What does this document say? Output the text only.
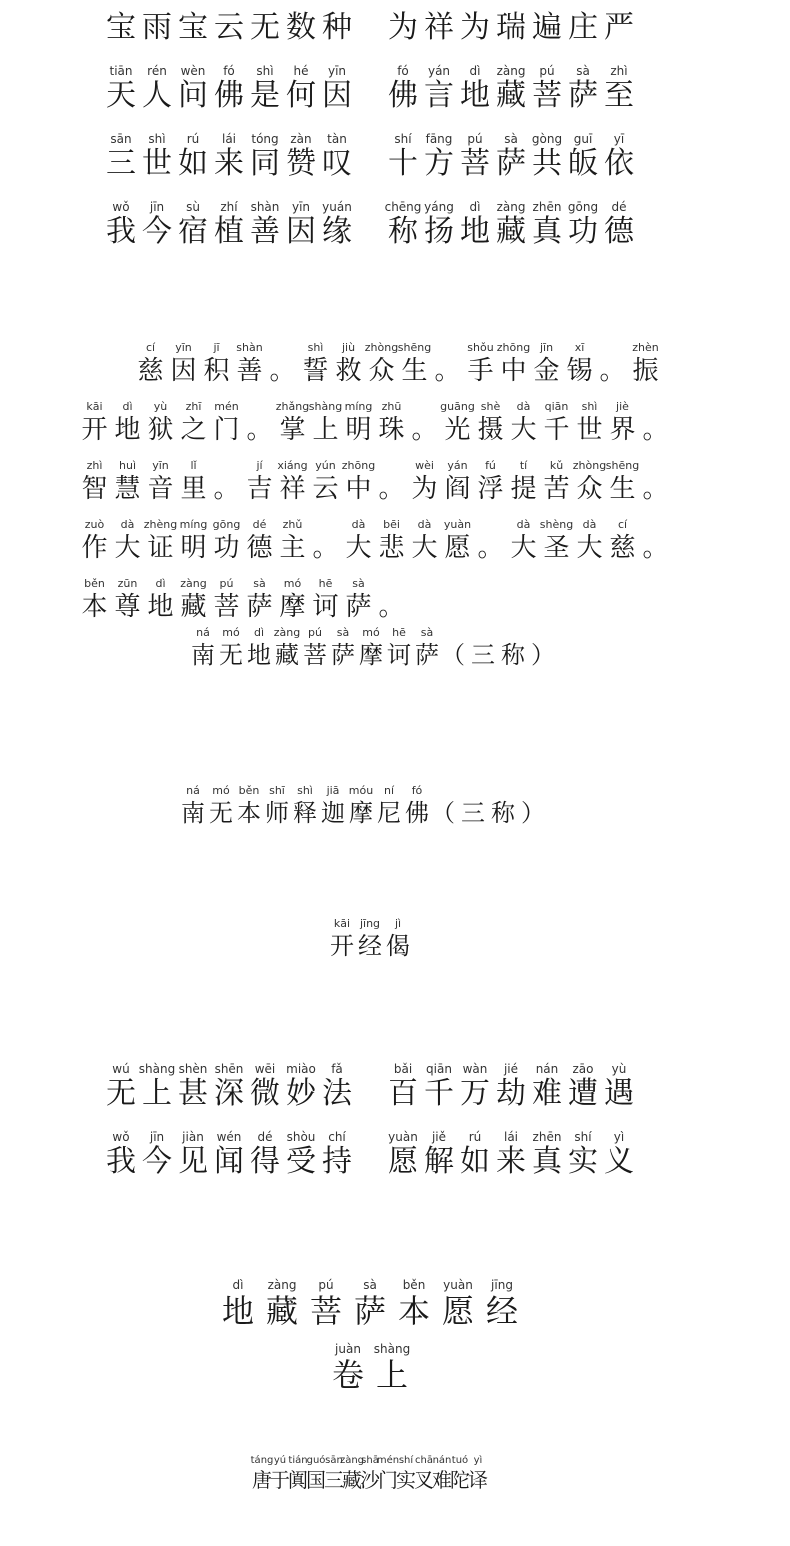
宝 雨 宝 云 无 数 种 为 祥 为 瑞 遍 庄 严
tiān
天
rén
人
wèn
问
fó
佛
shì
是
hé
何
yīn
因
fó
佛
yán
言
dì
地
zàng
藏
pú
菩
sà
萨
zhì
至
sān
三
shì
世
rú
如
lái
来
tóng
同
zàn
赞
tàn
叹
shí
十
fāng
方
pú
菩
sà
萨
gòng
共
guī
皈
yī
依
wǒ
我
jīn
今
sù
宿
zhí
植
shàn
善
yīn
因
yuán
缘
chēng
称
yáng
扬
dì
地
zàng
藏
zhēn
真
gōng
功
dé
德
cí
慈
yīn
因
jī
积
shàn
善 。
shì
誓
jiù
救
zhòng
众
shēng
生 。
shǒu
手
zhōng
中
jīn
金
xī
锡 。
zhèn
振
kāi
开
dì
地
yù
狱
zhī
之
mén
门 。
zhǎng
掌
shàng
上
míng
明
zhū
珠 。
guāng
光
shè
摄
dà
大
qiān
千
shì
世
jiè
界 。
zhì
智
huì
慧
yīn
音
lǐ
里 。
jí
吉
xiáng
祥
yún
云
zhōng
中 。
wèi
为
yán
阎
fú
浮
tí
提
kǔ
苦
zhòng
众
shēng
生 。
zuò
作
dà
大
zhèng
证
míng
明
gōng
功
dé
德
zhǔ
主 。
dà
大
bēi
悲
dà
大
yuàn
愿 。
dà
大
shèng
圣
dà
大
cí
慈 。
běn
本
zūn
尊
dì
地
zàng
藏
pú
菩
sà
萨
mó
摩
hē
诃
sà
萨 。
ná
南
mó
无
dì
地
zàng
藏
pú
菩
sà
萨
mó
摩
hē
诃
sà
萨 （三称）
ná
南
mó
无
běn
本
shī
师
shì
释
jiā
迦
móu
摩
ní
尼
fó
佛 （三称）
kāi
开
jīng
经
jì
偈
wú
无
shàng
上
shèn
甚
shēn
深
wēi
微
miào
妙
fǎ
法
bǎi
百
qiān
千
wàn
万
jié
劫
nán
难
zāo
遭
yù
遇
wǒ
我
jīn
今
jiàn
见
wén
闻
dé
得
shòu
受
chí
持
yuàn
愿
jiě
解
rú
如
lái
来
zhēn
真
shí
实
yì
义
dì
地
zàng
藏
pú
菩
sà
萨
běn
本
yuàn
愿
jīng
经
juàn
卷
shàng
上
táng
唐
yú
于
tián
阗
guó
国
sān
三
zàng
藏
shā
沙
mén
门
shí
实
chā
叉
nán
难
tuó
陀
yì
译
